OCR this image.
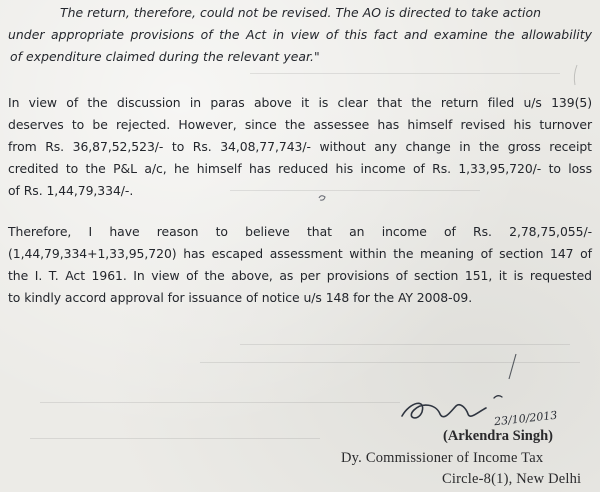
The return, therefore, could not be revised. The AO is directed to take action
under appropriate provisions of the Act in view of this fact and examine the allowability
of expenditure claimed during the relevant year."
In view of the discussion in paras above it is clear that the return filed u/s 139(5)
deserves to be rejected. However, since the assessee has himself revised his turnover
from Rs. 36,87,52,523/- to Rs. 34,08,77,743/- without any change in the gross receipt
credited to the P&L a/c, he himself has reduced his income of Rs. 1,33,95,720/- to loss
of Rs. 1,44,79,334/-.
Therefore, I have reason to believe that an income of Rs. 2,78,75,055/-
(1,44,79,334+1,33,95,720) has escaped assessment within the meaning of section 147 of
the I. T. Act 1961. In view of the above, as per provisions of section 151, it is requested
to kindly accord approval for issuance of notice u/s 148 for the AY 2008-09.
23/10/2013
(Arkendra Singh)
Dy. Commissioner of Income Tax
Circle-8(1), New Delhi
